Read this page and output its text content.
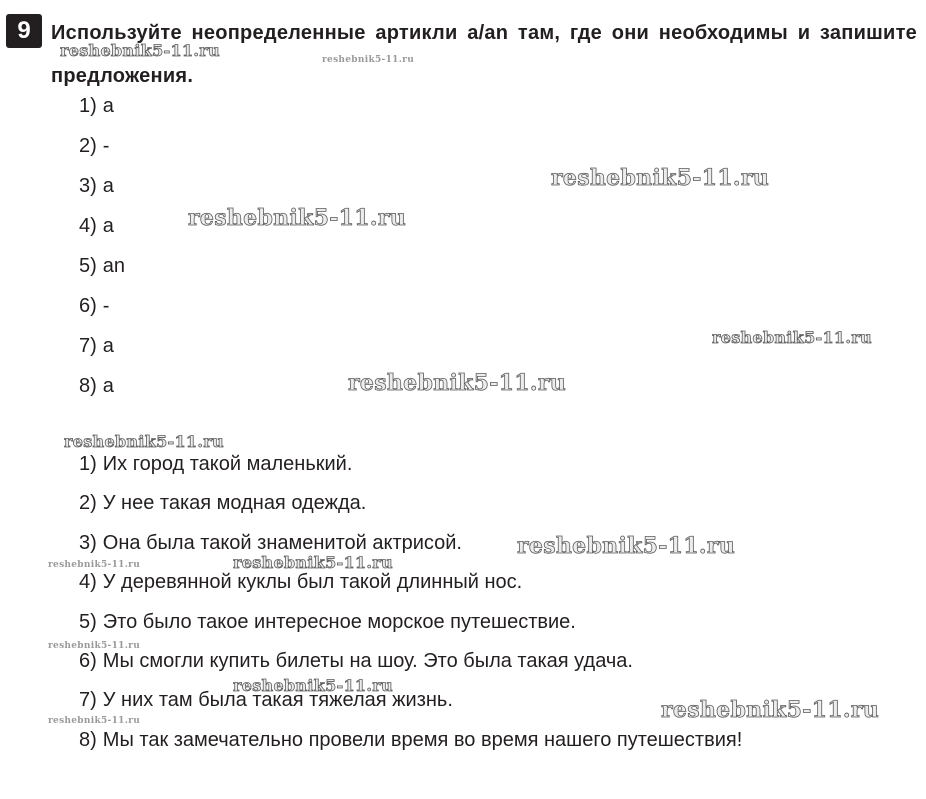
9	Используйте неопределенные артикли a/an там, где они необходимы и запишите предложения.
1) a
2) -
3) a
4) a
5) an
6) -
7) a
8) a
1) Их город такой маленький.
2) У нее такая модная одежда.
3) Она была такой знаменитой актрисой.
4) У деревянной куклы был такой длинный нос.
5) Это было такое интересное морское путешествие.
6) Мы смогли купить билеты на шоу. Это была такая удача.
7) У них там была такая тяжелая жизнь.
8) Мы так замечательно провели время во время нашего путешествия!
reshebnik5-11.ru	reshebnik5-11.ru
reshebnik5-11.ru
reshebnik5-11.ru
reshebnik5-11.ru
reshebnik5-11.ru
reshebnik5-11.ru
reshebnik5-11.ru
reshebnik5-11.ru	reshebnik5-11.ru
reshebnik5-11.ru
reshebnik5-11.ru
reshebnik5-11.ru
reshebnik5-11.ru
